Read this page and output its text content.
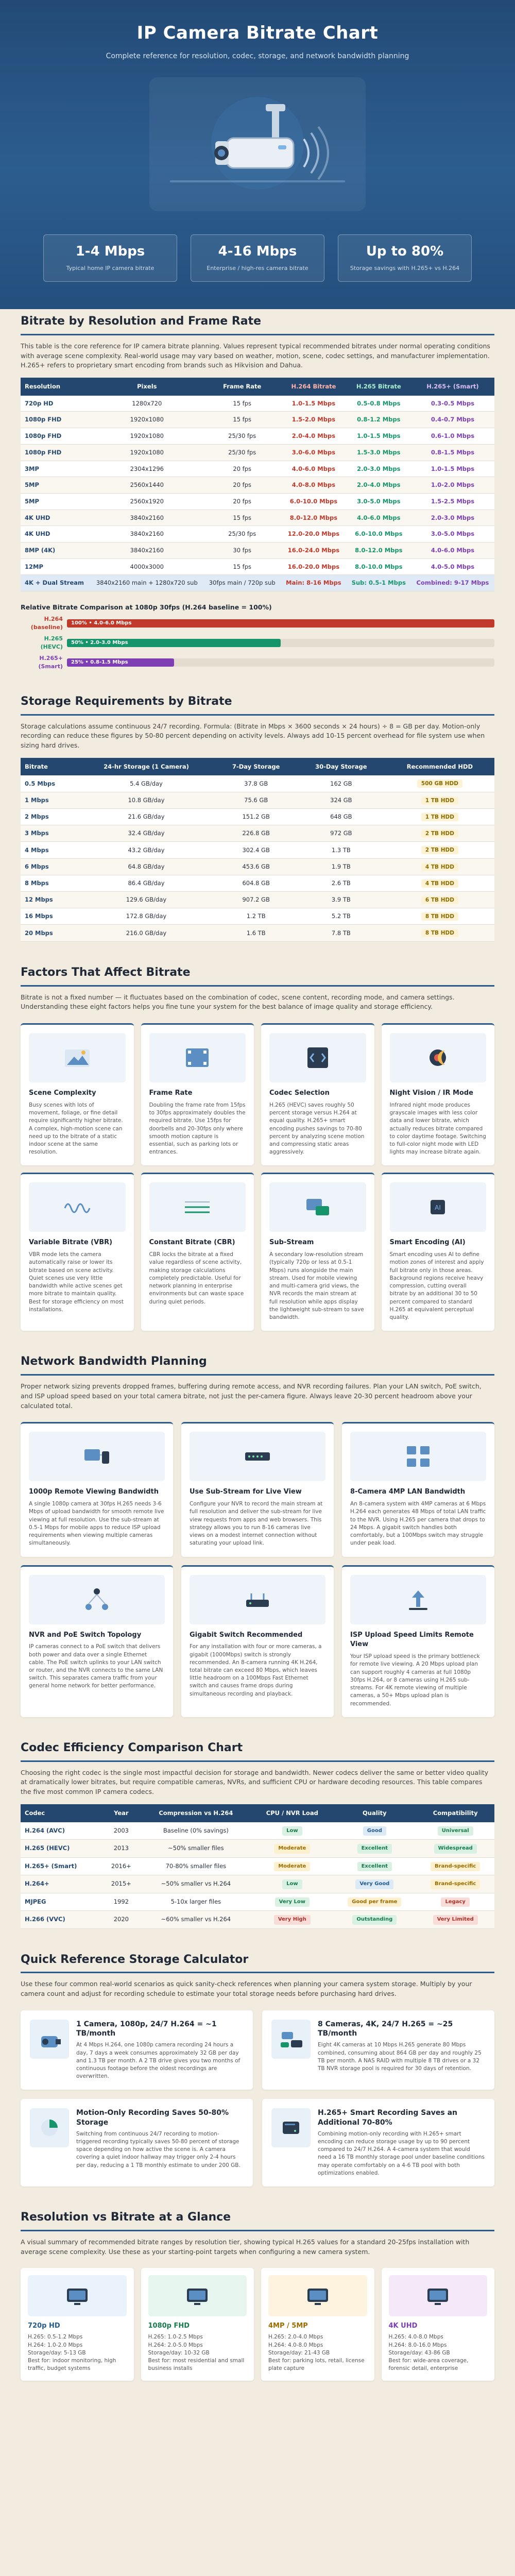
IP Camera Bitrate Chart
Complete reference for resolution, codec, storage, and network bandwidth planning
1-4 Mbps
Typical home IP camera bitrate
4-16 Mbps
Enterprise / high-res camera bitrate
Up to 80%
Storage savings with H.265+ vs H.264
Bitrate by Resolution and Frame Rate

This table is the core reference for IP camera bitrate planning. Values represent typical recommended bitrates under normal operating conditions with average scene complexity. Real-world usage may vary based on weather, motion, scene, codec settings, and manufacturer implementation. H.265+ refers to proprietary smart encoding from brands such as Hikvision and Dahua.

Resolution	Pixels	Frame Rate	H.264 Bitrate	H.265 Bitrate	H.265+ (Smart)
720p HD	1280x720	15 fps	1.0-1.5 Mbps	0.5-0.8 Mbps	0.3-0.5 Mbps
1080p FHD	1920x1080	15 fps	1.5-2.0 Mbps	0.8-1.2 Mbps	0.4-0.7 Mbps
1080p FHD	1920x1080	25/30 fps	2.0-4.0 Mbps	1.0-1.5 Mbps	0.6-1.0 Mbps
1080p FHD	1920x1080	25/30 fps	3.0-6.0 Mbps	1.5-3.0 Mbps	0.8-1.5 Mbps
3MP	2304x1296	20 fps	4.0-6.0 Mbps	2.0-3.0 Mbps	1.0-1.5 Mbps
5MP	2560x1440	20 fps	4.0-8.0 Mbps	2.0-4.0 Mbps	1.0-2.0 Mbps
5MP	2560x1920	20 fps	6.0-10.0 Mbps	3.0-5.0 Mbps	1.5-2.5 Mbps
4K UHD	3840x2160	15 fps	8.0-12.0 Mbps	4.0-6.0 Mbps	2.0-3.0 Mbps
4K UHD	3840x2160	25/30 fps	12.0-20.0 Mbps	6.0-10.0 Mbps	3.0-5.0 Mbps
8MP (4K)	3840x2160	30 fps	16.0-24.0 Mbps	8.0-12.0 Mbps	4.0-6.0 Mbps
12MP	4000x3000	15 fps	16.0-20.0 Mbps	8.0-10.0 Mbps	4.0-5.0 Mbps
4K + Dual Stream	3840x2160 main + 1280x720 sub	30fps main / 720p sub	Main: 8-16 Mbps	Sub: 0.5-1 Mbps	Combined: 9-17 Mbps
Relative Bitrate Comparison at 1080p 30fps (H.264 baseline = 100%)
H.264 (baseline)
100% • 4.0-6.0 Mbps
H.265 (HEVC)
50% • 2.0-3.0 Mbps
H.265+ (Smart)
25% • 0.8-1.5 Mbps
Storage Requirements by Bitrate

Storage calculations assume continuous 24/7 recording. Formula: (Bitrate in Mbps × 3600 seconds × 24 hours) ÷ 8 = GB per day. Motion-only recording can reduce these figures by 50-80 percent depending on activity levels. Always add 10-15 percent overhead for file system use when sizing hard drives.

Bitrate	24-hr Storage (1 Camera)	7-Day Storage	30-Day Storage	Recommended HDD
0.5 Mbps	5.4 GB/day	37.8 GB	162 GB	500 GB HDD
1 Mbps	10.8 GB/day	75.6 GB	324 GB	1 TB HDD
2 Mbps	21.6 GB/day	151.2 GB	648 GB	1 TB HDD
3 Mbps	32.4 GB/day	226.8 GB	972 GB	2 TB HDD
4 Mbps	43.2 GB/day	302.4 GB	1.3 TB	2 TB HDD
6 Mbps	64.8 GB/day	453.6 GB	1.9 TB	4 TB HDD
8 Mbps	86.4 GB/day	604.8 GB	2.6 TB	4 TB HDD
12 Mbps	129.6 GB/day	907.2 GB	3.9 TB	6 TB HDD
16 Mbps	172.8 GB/day	1.2 TB	5.2 TB	8 TB HDD
20 Mbps	216.0 GB/day	1.6 TB	7.8 TB	8 TB HDD
Factors That Affect Bitrate

Bitrate is not a fixed number — it fluctuates based on the combination of codec, scene content, recording mode, and camera settings. Understanding these eight factors helps you fine tune your system for the best balance of image quality and storage efficiency.

Scene Complexity

Busy scenes with lots of movement, foliage, or fine detail require significantly higher bitrate. A complex, high-motion scene can need up to the bitrate of a static indoor scene at the same resolution.

Frame Rate

Doubling the frame rate from 15fps to 30fps approximately doubles the required bitrate. Use 15fps for doorbells and 20-30fps only where smooth motion capture is essential, such as parking lots or entrances.

Codec Selection

H.265 (HEVC) saves roughly 50 percent storage versus H.264 at equal quality. H.265+ smart encoding pushes savings to 70-80 percent by analyzing scene motion and compressing static areas aggressively.

Night Vision / IR Mode

Infrared night mode produces grayscale images with less color data and lower bitrate, which actually reduces bitrate compared to color daytime footage. Switching to full-color night mode with LED lights may increase bitrate again.

Variable Bitrate (VBR)

VBR mode lets the camera automatically raise or lower its bitrate based on scene activity. Quiet scenes use very little bandwidth while active scenes get more bitrate to maintain quality. Best for storage efficiency on most installations.

Constant Bitrate (CBR)

CBR locks the bitrate at a fixed value regardless of scene activity, making storage calculations completely predictable. Useful for network planning in enterprise environments but can waste space during quiet periods.

Sub-Stream

A secondary low-resolution stream (typically 720p or less at 0.5-1 Mbps) runs alongside the main stream. Used for mobile viewing and multi-camera grid views, the NVR records the main stream at full resolution while apps display the lightweight sub-stream to save bandwidth.

AI
Smart Encoding (AI)

Smart encoding uses AI to define motion zones of interest and apply full bitrate only in those areas. Background regions receive heavy compression, cutting overall bitrate by an additional 30 to 50 percent compared to standard H.265 at equivalent perceptual quality.

Network Bandwidth Planning

Proper network sizing prevents dropped frames, buffering during remote access, and NVR recording failures. Plan your LAN switch, PoE switch, and ISP upload speed based on your total camera bitrate, not just the per-camera figure. Always leave 20-30 percent headroom above your calculated total.

1000p Remote Viewing Bandwidth

A single 1080p camera at 30fps H.265 needs 3-6 Mbps of upload bandwidth for smooth remote live viewing at full resolution. Use the sub-stream at 0.5-1 Mbps for mobile apps to reduce ISP upload requirements when viewing multiple cameras simultaneously.

Use Sub-Stream for Live View

Configure your NVR to record the main stream at full resolution and deliver the sub-stream for live view requests from apps and web browsers. This strategy allows you to run 8-16 cameras live views on a modest internet connection without saturating your upload link.

8-Camera 4MP LAN Bandwidth

An 8-camera system with 4MP cameras at 6 Mbps H.264 each generates 48 Mbps of total LAN traffic to the NVR. Using H.265 per camera that drops to 24 Mbps. A gigabit switch handles both comfortably, but a 100Mbps switch may struggle under peak load.

NVR and PoE Switch Topology

IP cameras connect to a PoE switch that delivers both power and data over a single Ethernet cable. The PoE switch uplinks to your LAN switch or router, and the NVR connects to the same LAN switch. This separates camera traffic from your general home network for better performance.

Gigabit Switch Recommended

For any installation with four or more cameras, a gigabit (1000Mbps) switch is strongly recommended. An 8-camera running 4K H.264, total bitrate can exceed 80 Mbps, which leaves little headroom on a 100Mbps Fast Ethernet switch and causes frame drops during simultaneous recording and playback.

ISP Upload Speed Limits Remote View

Your ISP upload speed is the primary bottleneck for remote live viewing. A 20 Mbps upload plan can support roughly 4 cameras at full 1080p 30fps H.264, or 8 cameras using H.265 sub-streams. For 4K remote viewing of multiple cameras, a 50+ Mbps upload plan is recommended.

Codec Efficiency Comparison Chart

Choosing the right codec is the single most impactful decision for storage and bandwidth. Newer codecs deliver the same or better video quality at dramatically lower bitrates, but require compatible cameras, NVRs, and sufficient CPU or hardware decoding resources. This table compares the five most common IP camera codecs.

Codec	Year	Compression vs H.264	CPU / NVR Load	Quality	Compatibility
H.264 (AVC)	2003	Baseline (0% savings)	Low	Good	Universal
H.265 (HEVC)	2013	~50% smaller files	Moderate	Excellent	Widespread
H.265+ (Smart)	2016+	70-80% smaller files	Moderate	Excellent	Brand-specific
H.264+	2015+	~50% smaller vs H.264	Low	Very Good	Brand-specific
MJPEG	1992	5-10x larger files	Very Low	Good per frame	Legacy
H.266 (VVC)	2020	~60% smaller vs H.264	Very High	Outstanding	Very Limited
Quick Reference Storage Calculator

Use these four common real-world scenarios as quick sanity-check references when planning your camera system storage. Multiply by your camera count and adjust for recording schedule to estimate your total storage needs before purchasing hard drives.

1 Camera, 1080p, 24/7 H.264 = ~1 TB/month

At 4 Mbps H.264, one 1080p camera recording 24 hours a day, 7 days a week consumes approximately 32 GB per day and 1.3 TB per month. A 2 TB drive gives you two months of continuous footage before the oldest recordings are overwritten.

8 Cameras, 4K, 24/7 H.265 = ~25 TB/month

Eight 4K cameras at 10 Mbps H.265 generate 80 Mbps combined, consuming about 864 GB per day and roughly 25 TB per month. A NAS RAID with multiple 8 TB drives or a 32 TB NVR storage pool is required for 30 days of retention.

Motion-Only Recording Saves 50-80% Storage

Switching from continuous 24/7 recording to motion-triggered recording typically saves 50-80 percent of storage space depending on how active the scene is. A camera covering a quiet indoor hallway may trigger only 2-4 hours per day, reducing a 1 TB monthly estimate to under 200 GB.

H.265+ Smart Recording Saves an Additional 70-80%

Combining motion-only recording with H.265+ smart encoding can reduce storage usage by up to 90 percent compared to 24/7 H.264. A 4-camera system that would need a 16 TB monthly storage pool under baseline conditions may operate comfortably on a 4-6 TB pool with both optimizations enabled.

Resolution vs Bitrate at a Glance

A visual summary of recommended bitrate ranges by resolution tier, showing typical H.265 values for a standard 20-25fps installation with average scene complexity. Use these as your starting-point targets when configuring a new camera system.

720p HD

H.265: 0.5-1.2 Mbps

H.264: 1.0-2.0 Mbps

Storage/day: 5-13 GB

Best for: indoor monitoring, high traffic, budget systems

1080p FHD

H.265: 1.0-2.5 Mbps

H.264: 2.0-5.0 Mbps

Storage/day: 10-32 GB

Best for: most residential and small business installs

4MP / 5MP

H.265: 2.0-4.0 Mbps

H.264: 4.0-8.0 Mbps

Storage/day: 21-43 GB

Best for: parking lots, retail, license plate capture

4K UHD

H.265: 4.0-8.0 Mbps

H.264: 8.0-16.0 Mbps

Storage/day: 43-86 GB

Best for: wide-area coverage, forensic detail, enterprise
